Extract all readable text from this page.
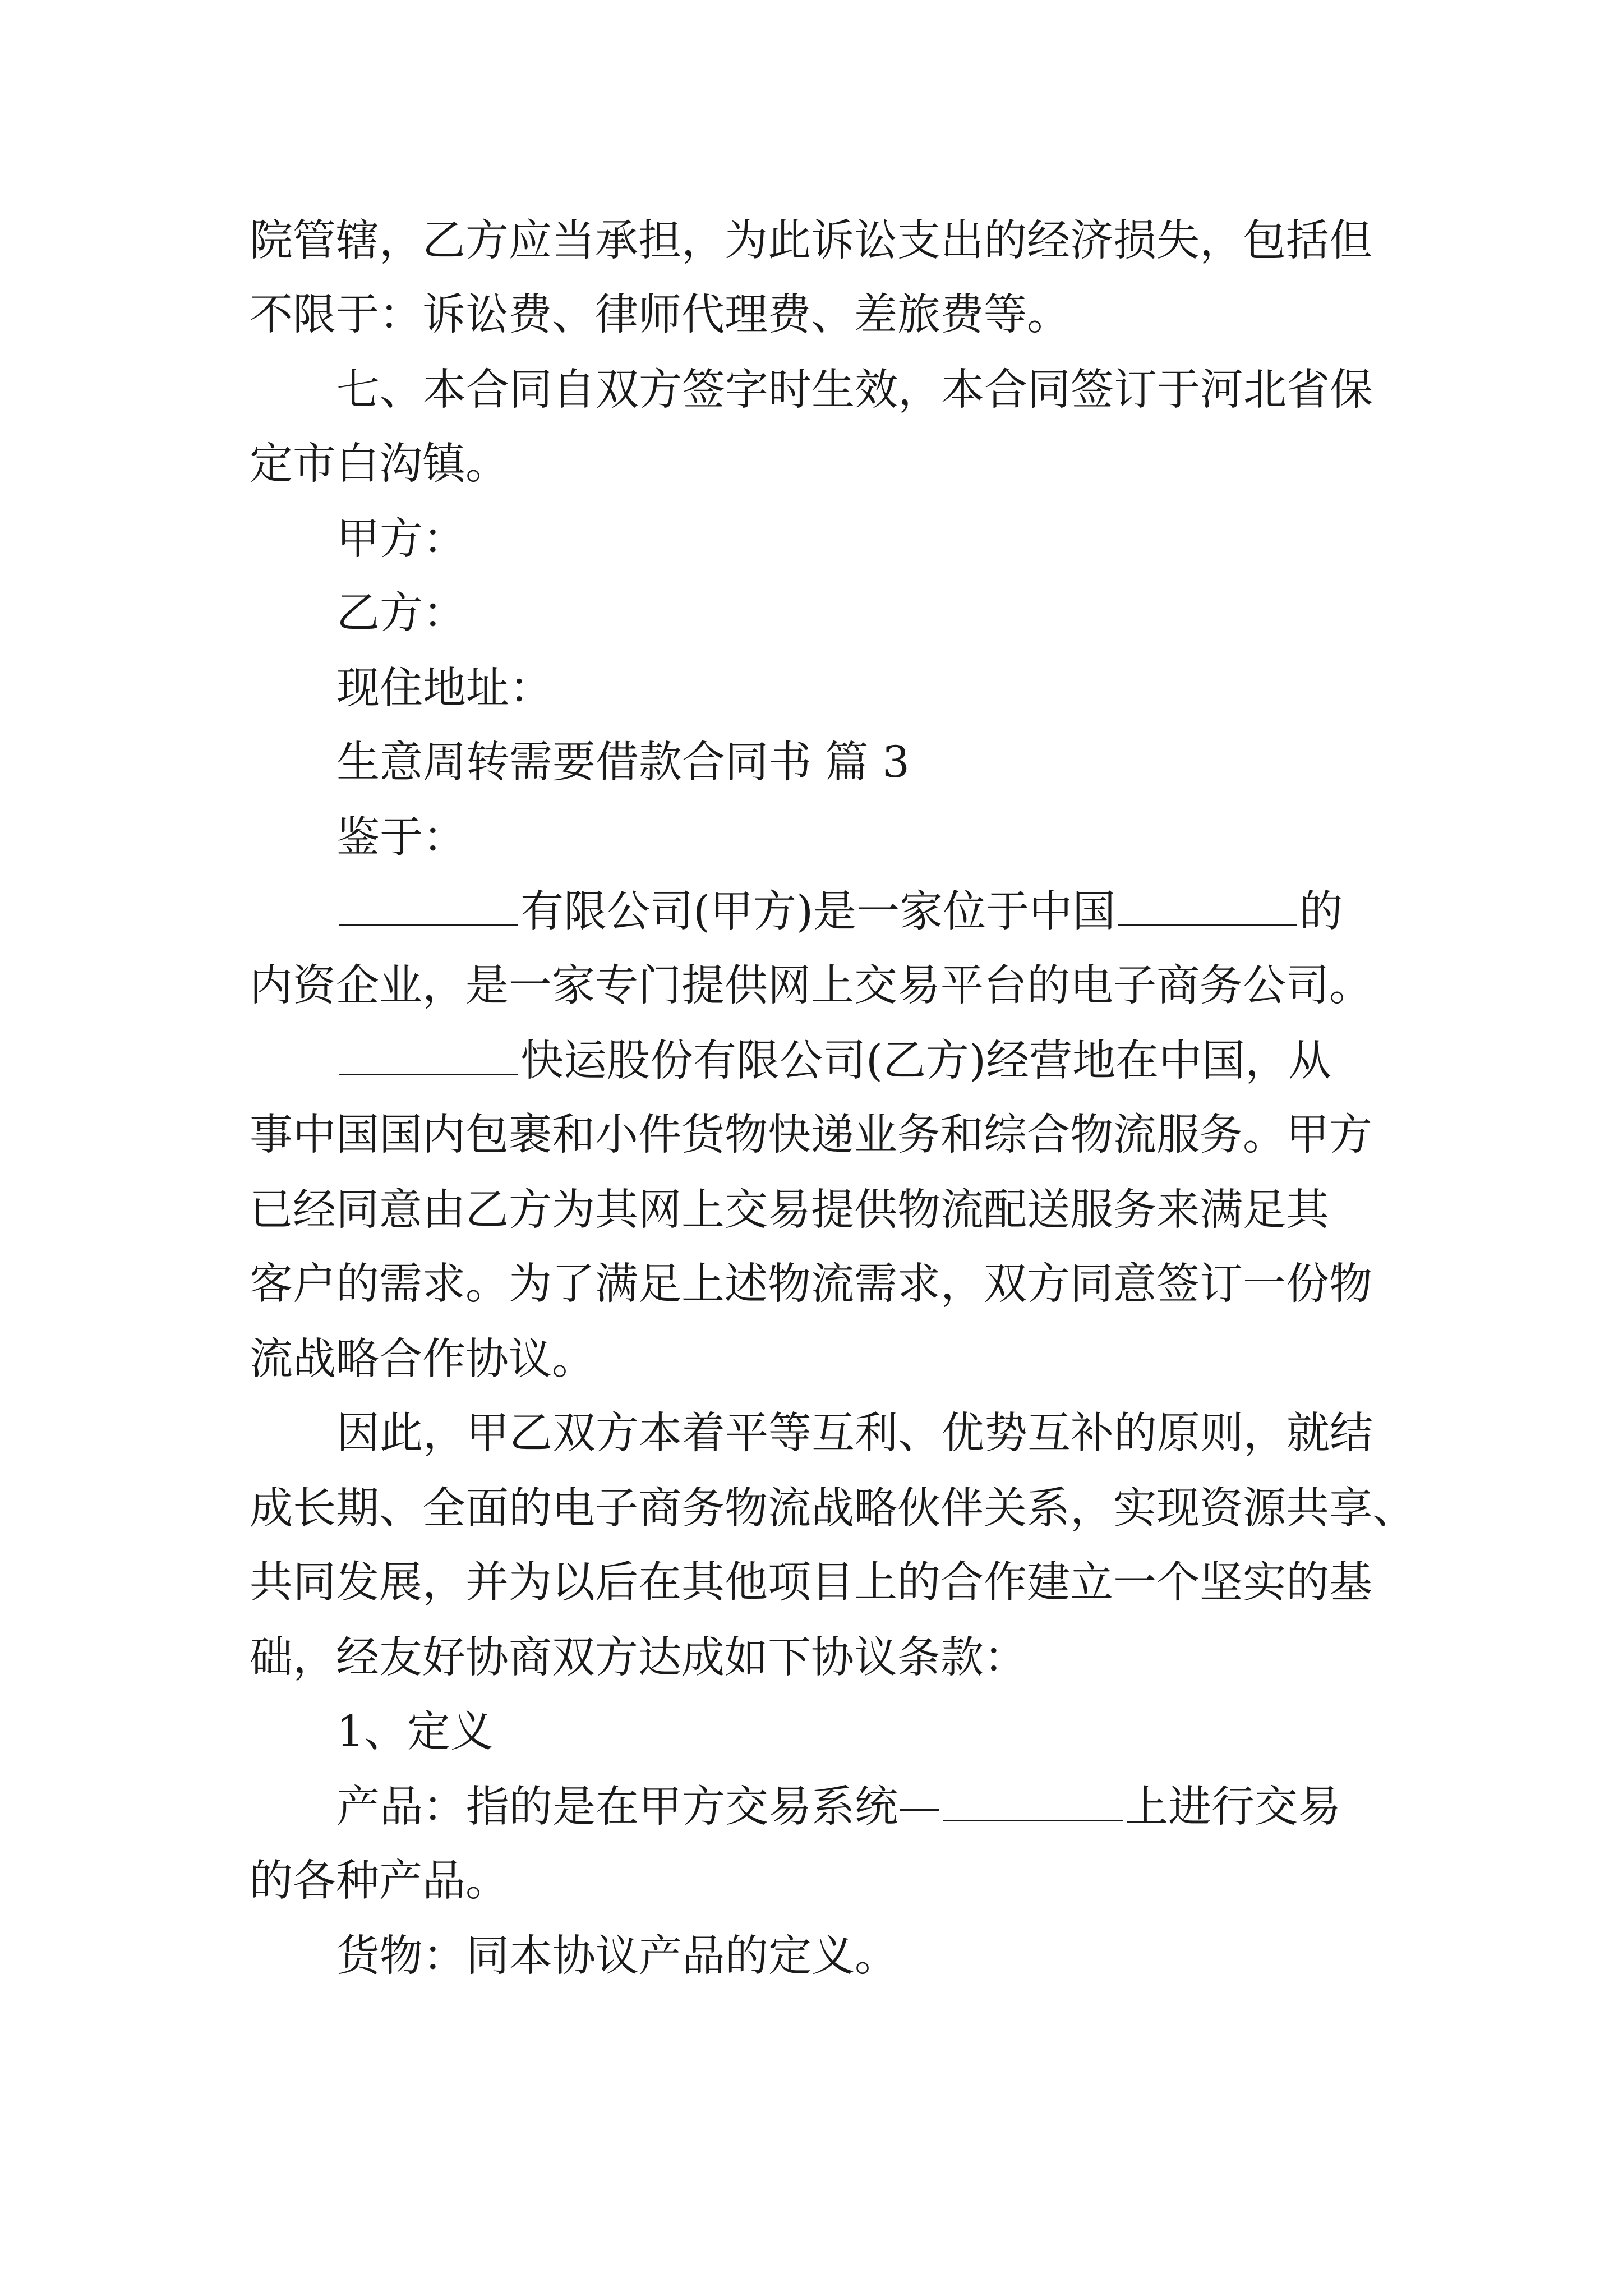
院管辖，乙方应当承担，为此诉讼支出的经济损失，包括但
不限于：诉讼费、律师代理费、差旅费等。
七、本合同自双方签字时生效，本合同签订于河北省保
定市白沟镇。
甲方：
乙方：
现住地址：
生意周转需要借款合同书 篇 3
鉴于：
有限公司(甲方)是一家位于中国	的
内资企业，是一家专门提供网上交易平台的电子商务公司。
快运股份有限公司(乙方)经营地在中国，从
事中国国内包裹和小件货物快递业务和综合物流服务。甲方
已经同意由乙方为其网上交易提供物流配送服务来满足其
客户的需求。为了满足上述物流需求，双方同意签订一份物
流战略合作协议。
因此，甲乙双方本着平等互利、优势互补的原则，就结
成长期、全面的电子商务物流战略伙伴关系，实现资源共享、
共同发展，并为以后在其他项目上的合作建立一个坚实的基
础，经友好协商双方达成如下协议条款：
1、定义
产品：指的是在甲方交易系统—	上进行交易
的各种产品。
货物：同本协议产品的定义。
